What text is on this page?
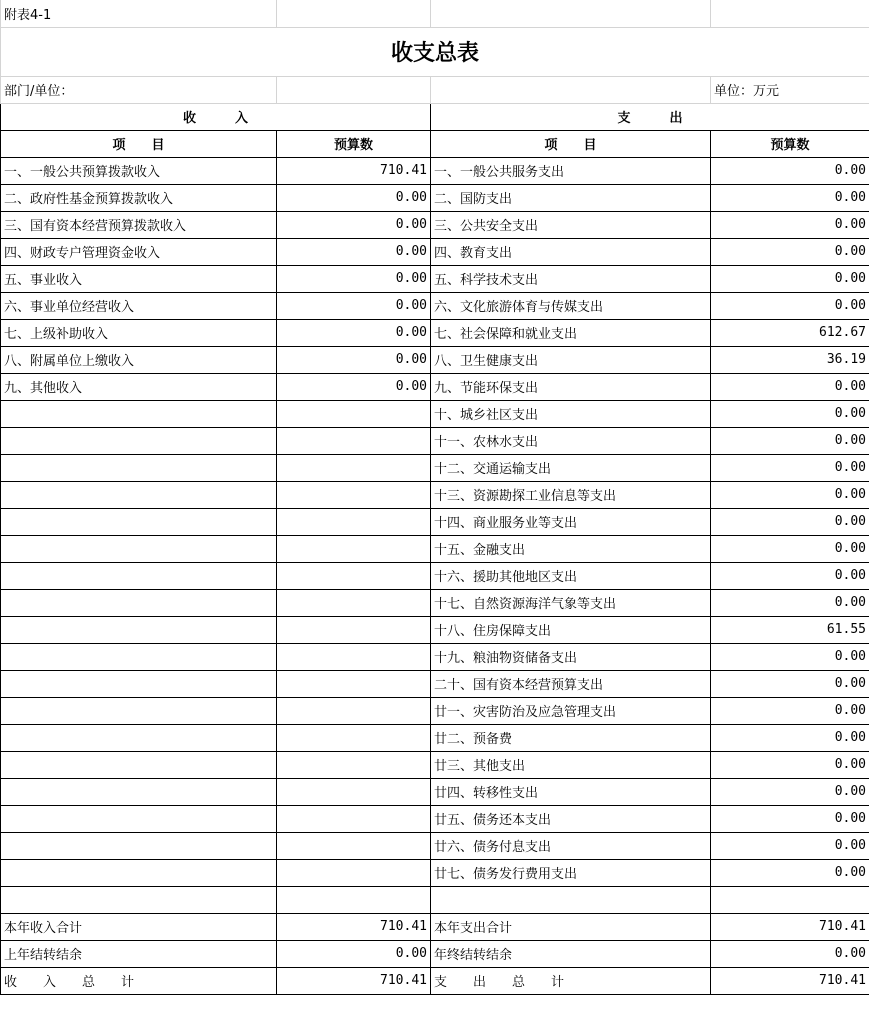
附表4-1			
收支总表			
部门/单位：			单位：万元
收　　　入		支　　　出	
项　　目	预算数	项　　目	预算数
一、一般公共预算拨款收入	710.41	一、一般公共服务支出	0.00
二、政府性基金预算拨款收入	0.00	二、国防支出	0.00
三、国有资本经营预算拨款收入	0.00	三、公共安全支出	0.00
四、财政专户管理资金收入	0.00	四、教育支出	0.00
五、事业收入	0.00	五、科学技术支出	0.00
六、事业单位经营收入	0.00	六、文化旅游体育与传媒支出	0.00
七、上级补助收入	0.00	七、社会保障和就业支出	612.67
八、附属单位上缴收入	0.00	八、卫生健康支出	36.19
九、其他收入	0.00	九、节能环保支出	0.00
		十、城乡社区支出	0.00
		十一、农林水支出	0.00
		十二、交通运输支出	0.00
		十三、资源勘探工业信息等支出	0.00
		十四、商业服务业等支出	0.00
		十五、金融支出	0.00
		十六、援助其他地区支出	0.00
		十七、自然资源海洋气象等支出	0.00
		十八、住房保障支出	61.55
		十九、粮油物资储备支出	0.00
		二十、国有资本经营预算支出	0.00
		廿一、灾害防治及应急管理支出	0.00
		廿二、预备费	0.00
		廿三、其他支出	0.00
		廿四、转移性支出	0.00
		廿五、债务还本支出	0.00
		廿六、债务付息支出	0.00
		廿七、债务发行费用支出	0.00

本年收入合计	710.41	本年支出合计	710.41
上年结转结余	0.00	年终结转结余	0.00
收　　入　　总　　计	710.41	支　　出　　总　　计	710.41
